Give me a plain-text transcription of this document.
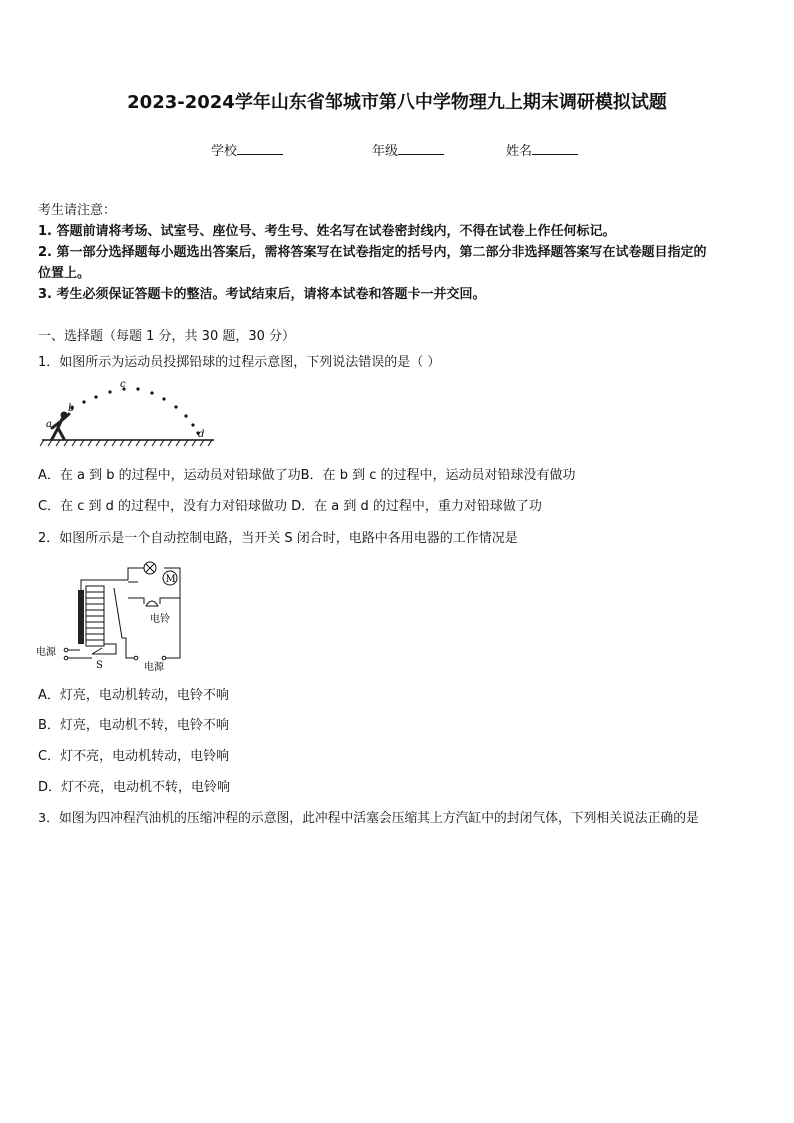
2023-2024学年山东省邹城市第八中学物理九上期末调研模拟试题
学校	年级	姓名
考生请注意：
1. 答题前请将考场、试室号、座位号、考生号、姓名写在试卷密封线内，不得在试卷上作任何标记。
2. 第一部分选择题每小题选出答案后，需将答案写在试卷指定的括号内，第二部分非选择题答案写在试卷题目指定的
位置上。
3. 考生必须保证答题卡的整洁。考试结束后，请将本试卷和答题卡一并交回。
一、选择题（每题 1 分，共 30 题，30 分）
1．如图所示为运动员投掷铅球的过程示意图，下列说法错误的是（ ）
a
b
c
d
A．在 a 到 b 的过程中，运动员对铅球做了功B．在 b 到 c 的过程中，运动员对铅球没有做功
C．在 c 到 d 的过程中，没有力对铅球做功 D．在 a 到 d 的过程中，重力对铅球做了功
2．如图所示是一个自动控制电路，当开关 S 闭合时，电路中各用电器的工作情况是
M
电铃
S
电源
电源
A．灯亮，电动机转动，电铃不响
B．灯亮，电动机不转，电铃不响
C．灯不亮，电动机转动，电铃响
D．灯不亮，电动机不转，电铃响
3．如图为四冲程汽油机的压缩冲程的示意图，此冲程中活塞会压缩其上方汽缸中的封闭气体，下列相关说法正确的是
